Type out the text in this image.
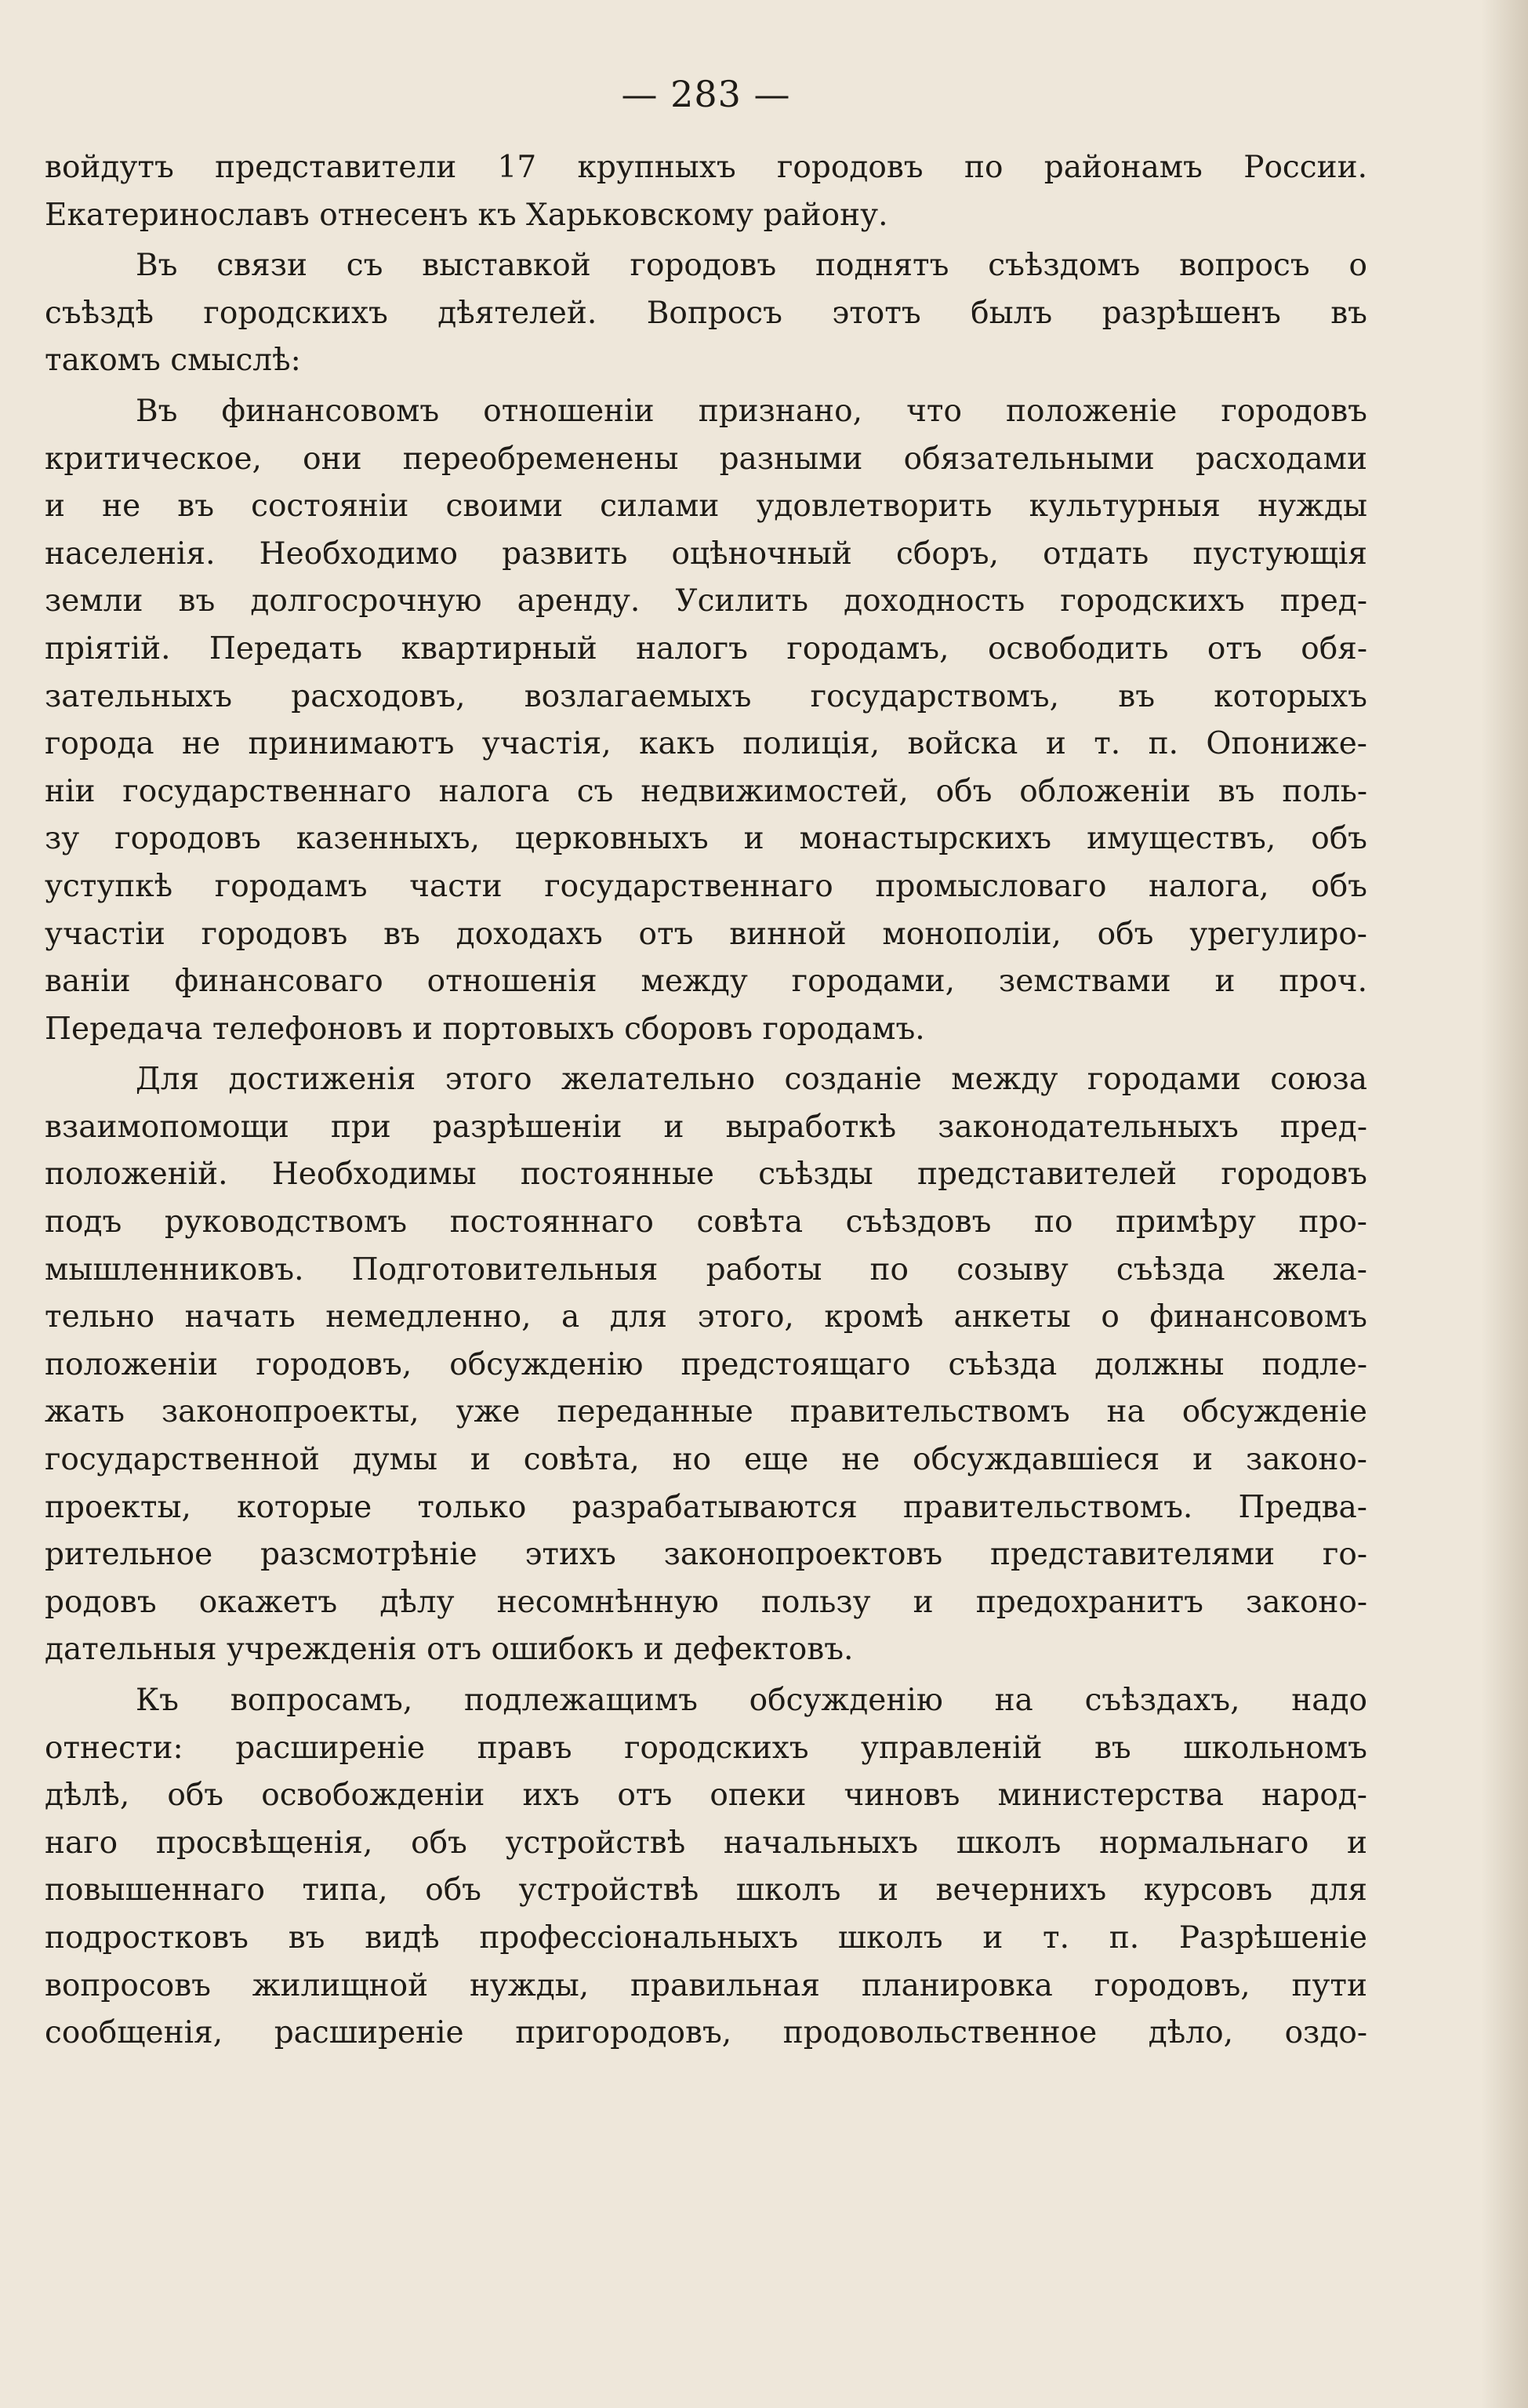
— 283 —

войдутъ представители 17 крупныхъ городовъ по районамъ России.

Екатеринославъ отнесенъ къ Харьковскому району.

Въ связи съ выставкой городовъ поднятъ съѣздомъ вопросъ о

съѣздѣ городскихъ дѣятелей. Вопросъ этотъ былъ разрѣшенъ въ

такомъ смыслѣ:

Въ финансовомъ отношенiи признано, что положенiе городовъ

критическое, они переобременены разными обязательными расходами

и не въ состоянiи своими силами удовлетворить культурныя нужды

населенiя. Необходимо развить оцѣночный сборъ, отдать пустующiя

земли въ долгосрочную аренду. Усилить доходность городскихъ пред-

прiятiй. Передать квартирный налогъ городамъ, освободить отъ обя-

зательныхъ расходовъ, возлагаемыхъ государствомъ, въ которыхъ

города не принимаютъ участiя, какъ полицiя, войска и т. п. Опониже-

нiи государственнаго налога съ недвижимостей, объ обложенiи въ поль-

зу городовъ казенныхъ, церковныхъ и монастырскихъ имуществъ, объ

уступкѣ городамъ части государственнаго промысловаго налога, объ

участiи городовъ въ доходахъ отъ винной монополiи, объ урегулиро-

ванiи финансоваго отношенiя между городами, земствами и проч.

Передача телефоновъ и портовыхъ сборовъ городамъ.

Для достиженiя этого желательно созданiе между городами союза

взаимопомощи при разрѣшенiи и выработкѣ законодательныхъ пред-

положенiй. Необходимы постоянные съѣзды представителей городовъ

подъ руководствомъ постояннаго совѣта съѣздовъ по примѣру про-

мышленниковъ. Подготовительныя работы по созыву съѣзда жела-

тельно начать немедленно, а для этого, кромѣ анкеты о финансовомъ

положенiи городовъ, обсужденiю предстоящаго съѣзда должны подле-

жать законопроекты, уже переданные правительствомъ на обсужденiе

государственной думы и совѣта, но еще не обсуждавшiеся и законо-

проекты, которые только разрабатываются правительствомъ. Предва-

рительное разсмотрѣнiе этихъ законопроектовъ представителями го-

родовъ окажетъ дѣлу несомнѣнную пользу и предохранитъ законо-

дательныя учрежденiя отъ ошибокъ и дефектовъ.

Къ вопросамъ, подлежащимъ обсужденiю на съѣздахъ, надо

отнести: расширенiе правъ городскихъ управленiй въ школьномъ

дѣлѣ, объ освобожденiи ихъ отъ опеки чиновъ министерства народ-

наго просвѣщенiя, объ устройствѣ начальныхъ школъ нормальнаго и

повышеннаго типа, объ устройствѣ школъ и вечернихъ курсовъ для

подростковъ въ видѣ профессiональныхъ школъ и т. п. Разрѣшенiе

вопросовъ жилищной нужды, правильная планировка городовъ, пути

сообщенiя, расширенiе пригородовъ, продовольственное дѣло, оздо-
